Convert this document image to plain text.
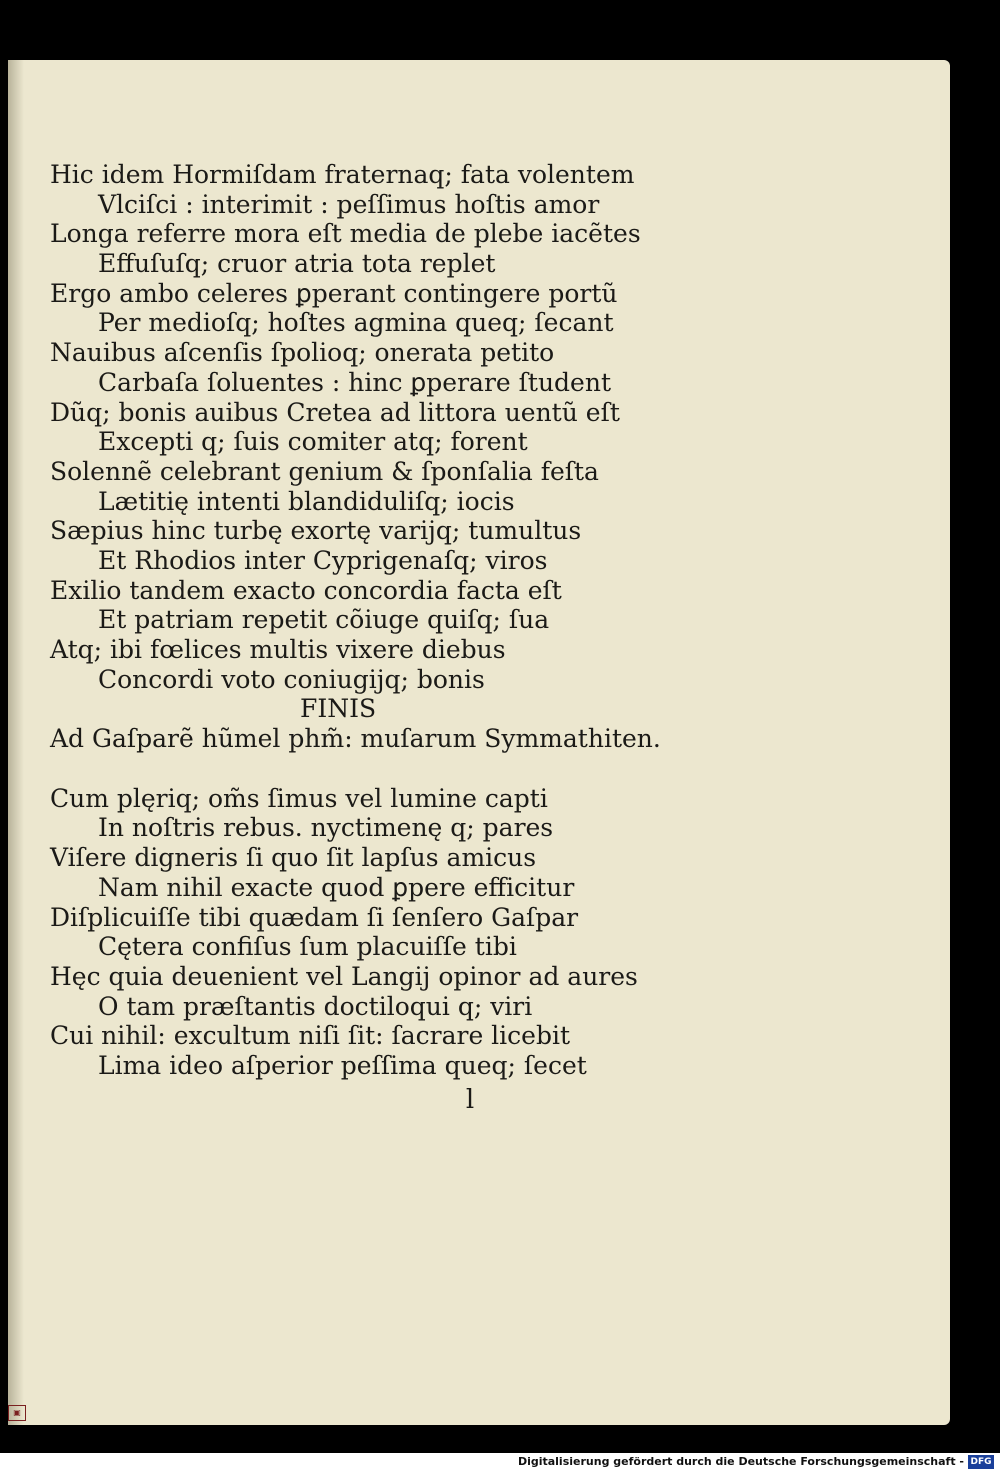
Hic idem Hormiſdam fraternaq; fata volentem
Vlciſci : interimit : peſſimus hoſtis amor
Longa referre mora eſt media de plebe iacẽtes
Effuſuſq; cruor atria tota replet
Ergo ambo celeres ꝑperant contingere portũ
Per medioſq; hoſtes agmina queq; ſecant
Nauibus aſcenſis ſpolioq; onerata petito
Carbaſa ſoluentes : hinc ꝑperare ſtudent
Dũq; bonis auibus Cretea ad littora uentũ eſt
Excepti q; ſuis comiter atq; forent
Solennẽ celebrant genium & ſponſalia feſta
Lætitię intenti blandiduliſq; iocis
Sæpius hinc turbę exortę varijq; tumultus
Et Rhodios inter Cyprigenaſq; viros
Exilio tandem exacto concordia facta eſt
Et patriam repetit cõiuge quiſq; ſua
Atq; ibi fœlices multis vixere diebus
Concordi voto coniugijq; bonis
FINIS
Ad Gaſparẽ hũmel phm̃: muſarum Symmathiten.
Cum plęriq; om̃s ſimus vel lumine capti
In noſtris rebus. nyctimenę q; pares
Viſere digneris ſi quo ſit lapſus amicus
Nam nihil exacte quod ꝑpere efficitur
Diſplicuiſſe tibi quædam ſi ſenſero Gaſpar
Cętera confiſus ſum placuiſſe tibi
Hęc quia deuenient vel Langij opinor ad aures
O tam præſtantis doctiloqui q; viri
Cui nihil: excultum niſi ſit: ſacrare licebit
Lima ideo aſperior peſſima queq; ſecet
l
▣
Digitalisierung gefördert durch die Deutsche Forschungsgemeinschaft - DFG
